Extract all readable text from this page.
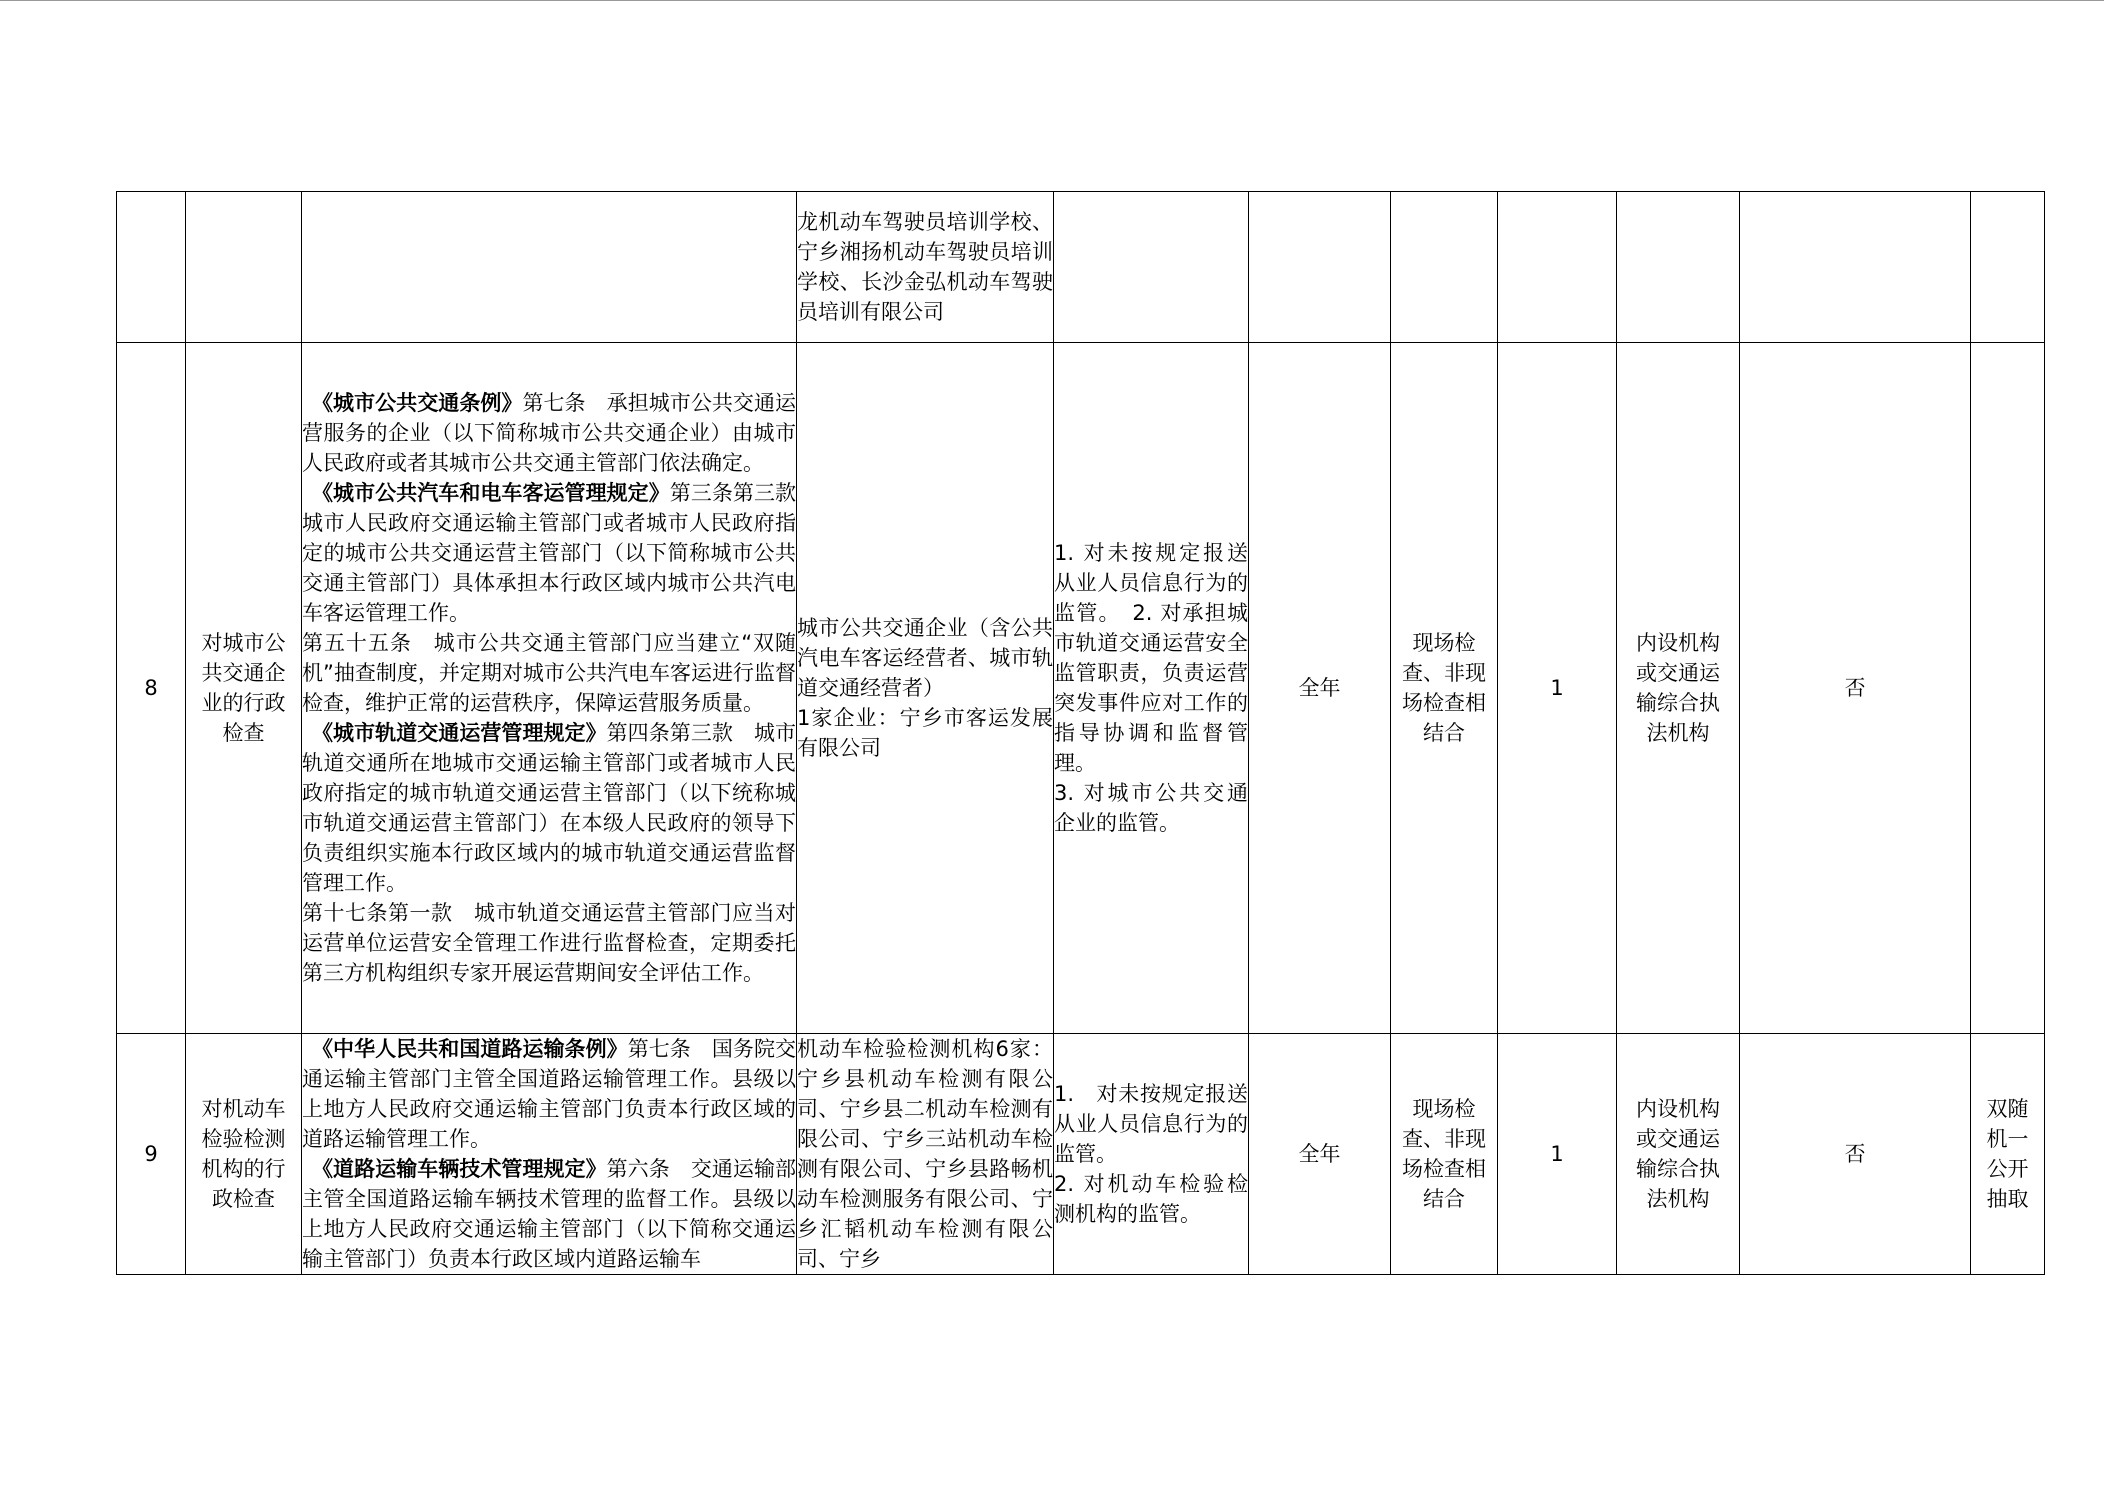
			龙机动车驾驶员培训学校、宁乡湘扬机动车驾驶员培训学校、长沙金弘机动车驾驶员培训有限公司							
8	对城市公共交通企业的行政检查	《城市公共交通条例》第七条　承担城市公共交通运营服务的企业（以下简称城市公共交通企业）由城市人民政府或者其城市公共交通主管部门依法确定。
《城市公共汽车和电车客运管理规定》第三条第三款　城市人民政府交通运输主管部门或者城市人民政府指定的城市公共交通运营主管部门（以下简称城市公共交通主管部门）具体承担本行政区域内城市公共汽电车客运管理工作。
第五十五条　城市公共交通主管部门应当建立“双随机”抽查制度，并定期对城市公共汽电车客运进行监督检查，维护正常的运营秩序，保障运营服务质量。
《城市轨道交通运营管理规定》第四条第三款　城市轨道交通所在地城市交通运输主管部门或者城市人民政府指定的城市轨道交通运营主管部门（以下统称城市轨道交通运营主管部门）在本级人民政府的领导下负责组织实施本行政区域内的城市轨道交通运营监督管理工作。
第十七条第一款　城市轨道交通运营主管部门应当对运营单位运营安全管理工作进行监督检查，定期委托第三方机构组织专家开展运营期间安全评估工作。	城市公共交通企业（含公共汽电车客运经营者、城市轨道交通经营者）
1家企业：宁乡市客运发展有限公司	1. 对未按规定报送从业人员信息行为的监管。　2. 对承担城市轨道交通运营安全监管职责，负责运营突发事件应对工作的指导协调和监督管理。
3. 对城市公共交通企业的监管。	全年	现场检查、非现场检查相结合	1	内设机构或交通运输综合执法机构	否	
9	对机动车检验检测机构的行政检查	《中华人民共和国道路运输条例》第七条　国务院交通运输主管部门主管全国道路运输管理工作。县级以上地方人民政府交通运输主管部门负责本行政区域的道路运输管理工作。
《道路运输车辆技术管理规定》第六条　交通运输部主管全国道路运输车辆技术管理的监督工作。县级以上地方人民政府交通运输主管部门（以下简称交通运输主管部门）负责本行政区域内道路运输车	机动车检验检测机构6家：宁乡县机动车检测有限公司、宁乡县二机动车检测有限公司、宁乡三站机动车检测有限公司、宁乡县路畅机动车检测服务有限公司、宁乡汇韬机动车检测有限公司、宁乡	1.　对未按规定报送从业人员信息行为的监管。
2. 对机动车检验检测机构的监管。	全年	现场检查、非现场检查相结合	1	内设机构或交通运输综合执法机构	否	双随机一公开抽取
